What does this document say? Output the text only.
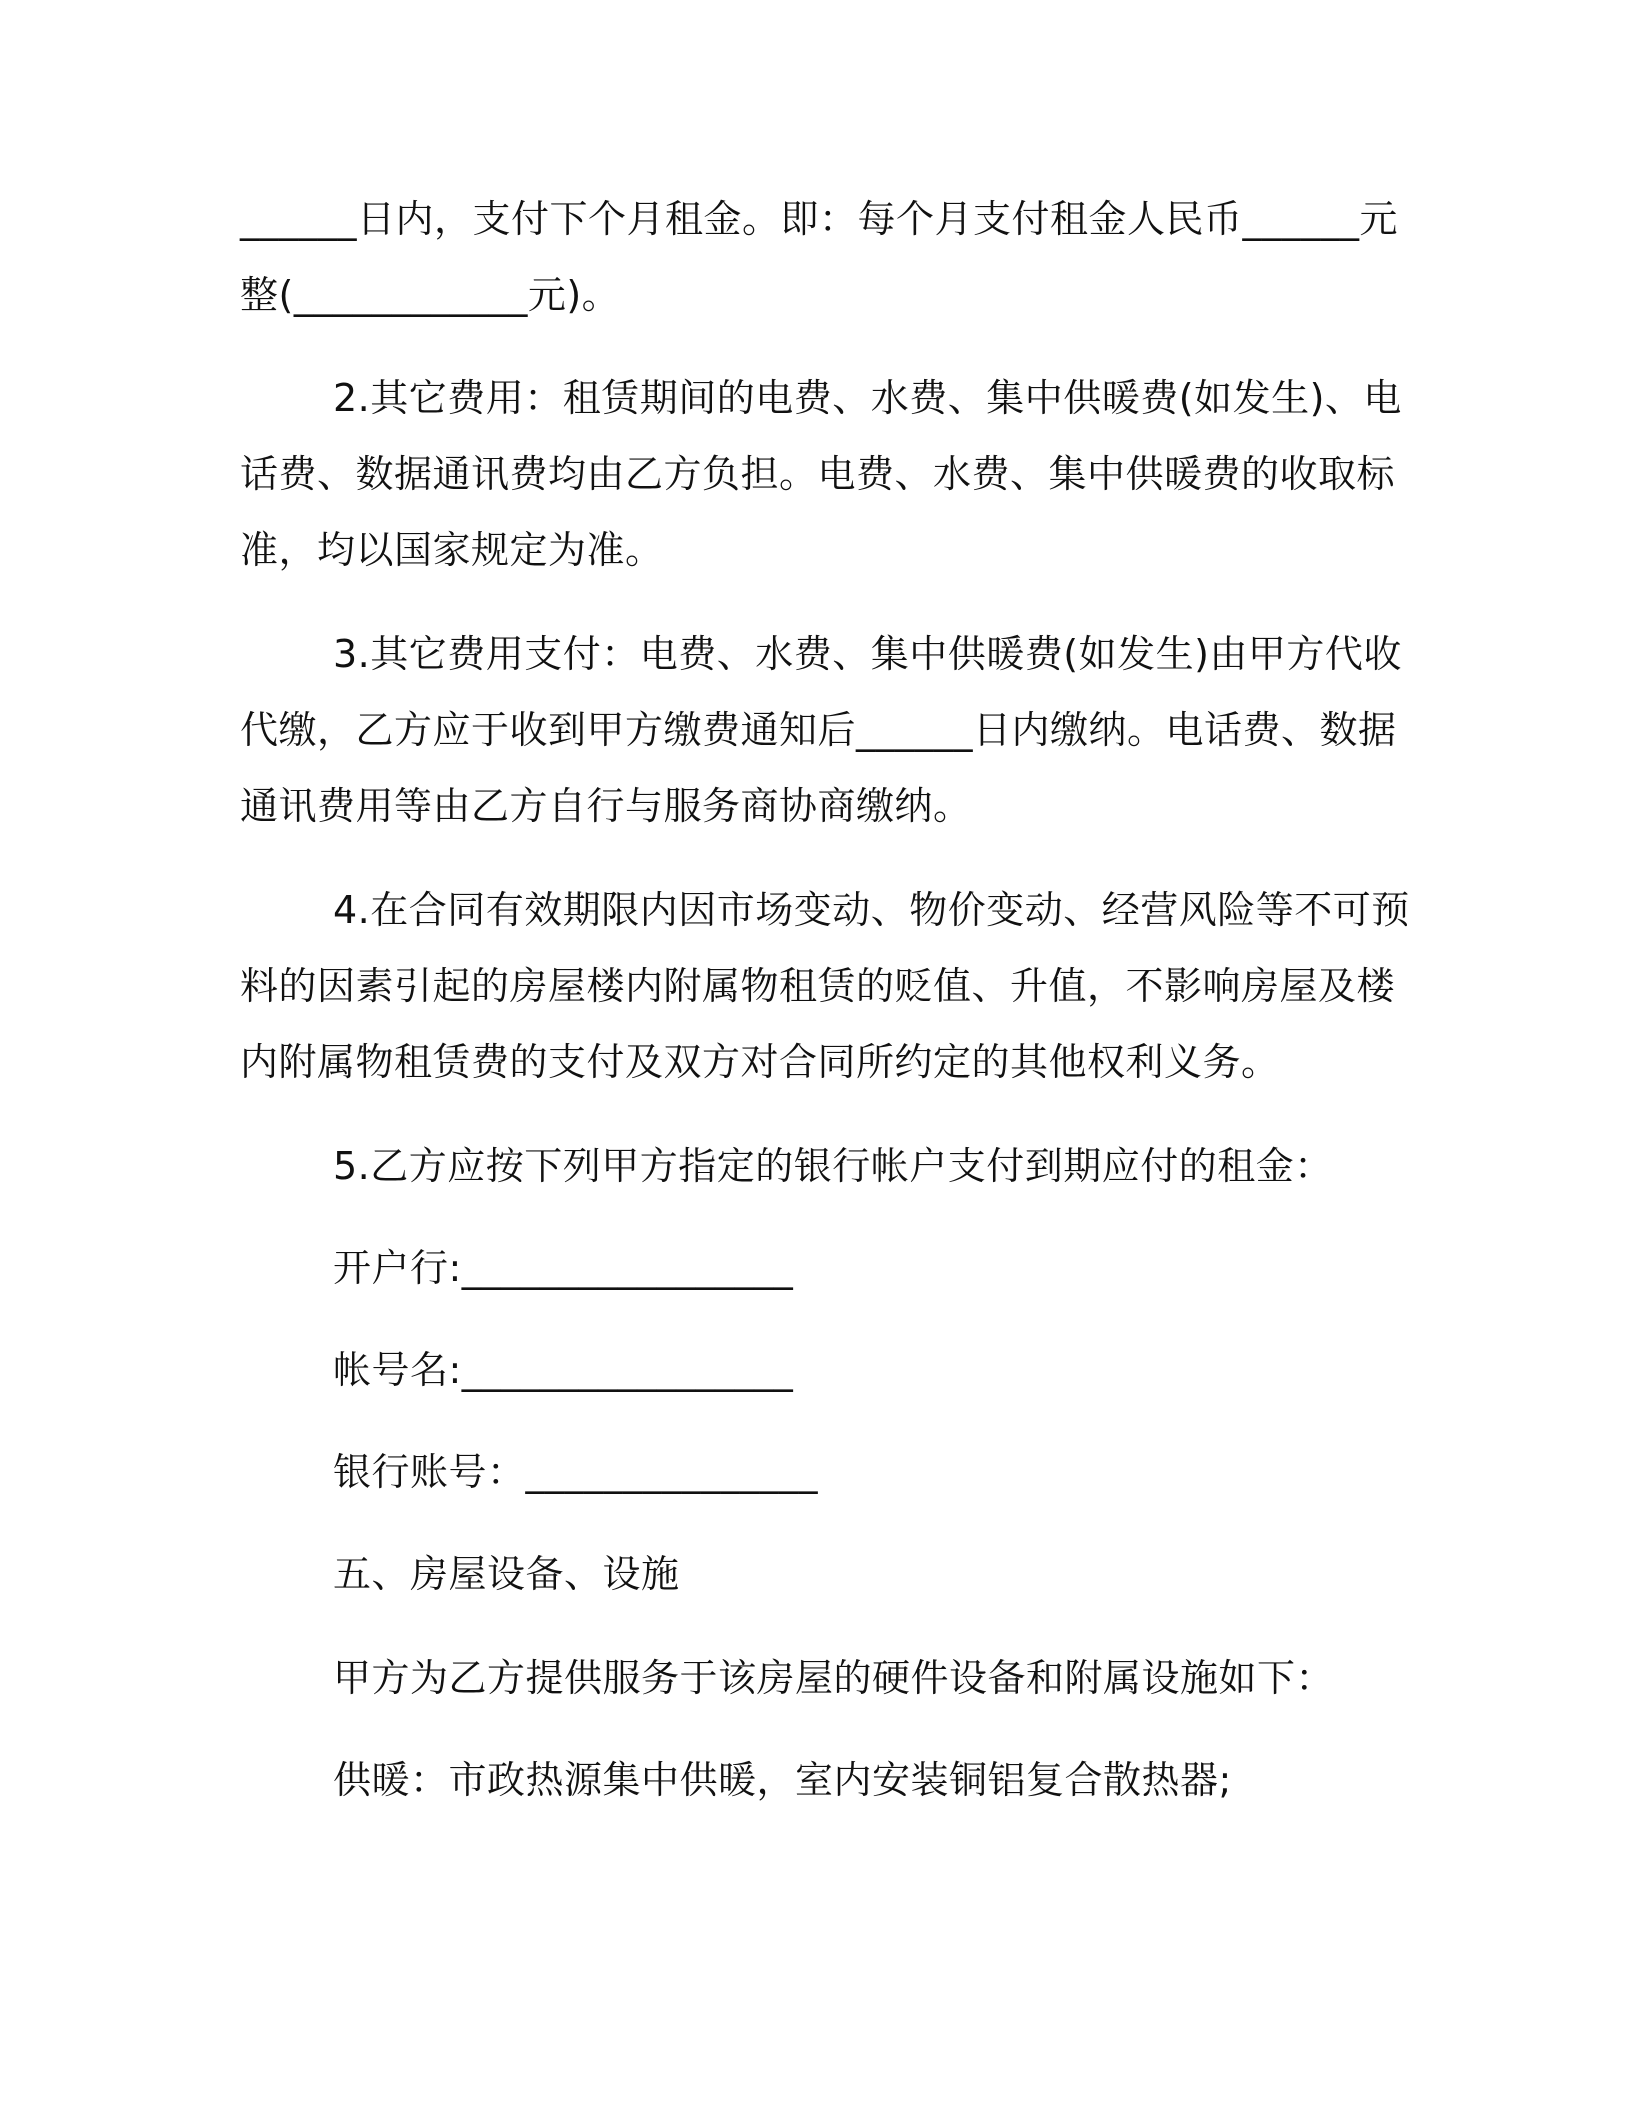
______日内，支付下个月租金。即：每个月支付租金人民币______元
整(____________元)。
2.其它费用：租赁期间的电费、水费、集中供暖费(如发生)、电
话费、数据通讯费均由乙方负担。电费、水费、集中供暖费的收取标
准，均以国家规定为准。
3.其它费用支付：电费、水费、集中供暖费(如发生)由甲方代收
代缴，乙方应于收到甲方缴费通知后______日内缴纳。电话费、数据
通讯费用等由乙方自行与服务商协商缴纳。
4.在合同有效期限内因市场变动、物价变动、经营风险等不可预
料的因素引起的房屋楼内附属物租赁的贬值、升值，不影响房屋及楼
内附属物租赁费的支付及双方对合同所约定的其他权利义务。
5.乙方应按下列甲方指定的银行帐户支付到期应付的租金：
开户行:_________________
帐号名:_________________
银行账号：_______________
五、房屋设备、设施
甲方为乙方提供服务于该房屋的硬件设备和附属设施如下：
供暖：市政热源集中供暖，室内安装铜铝复合散热器;
